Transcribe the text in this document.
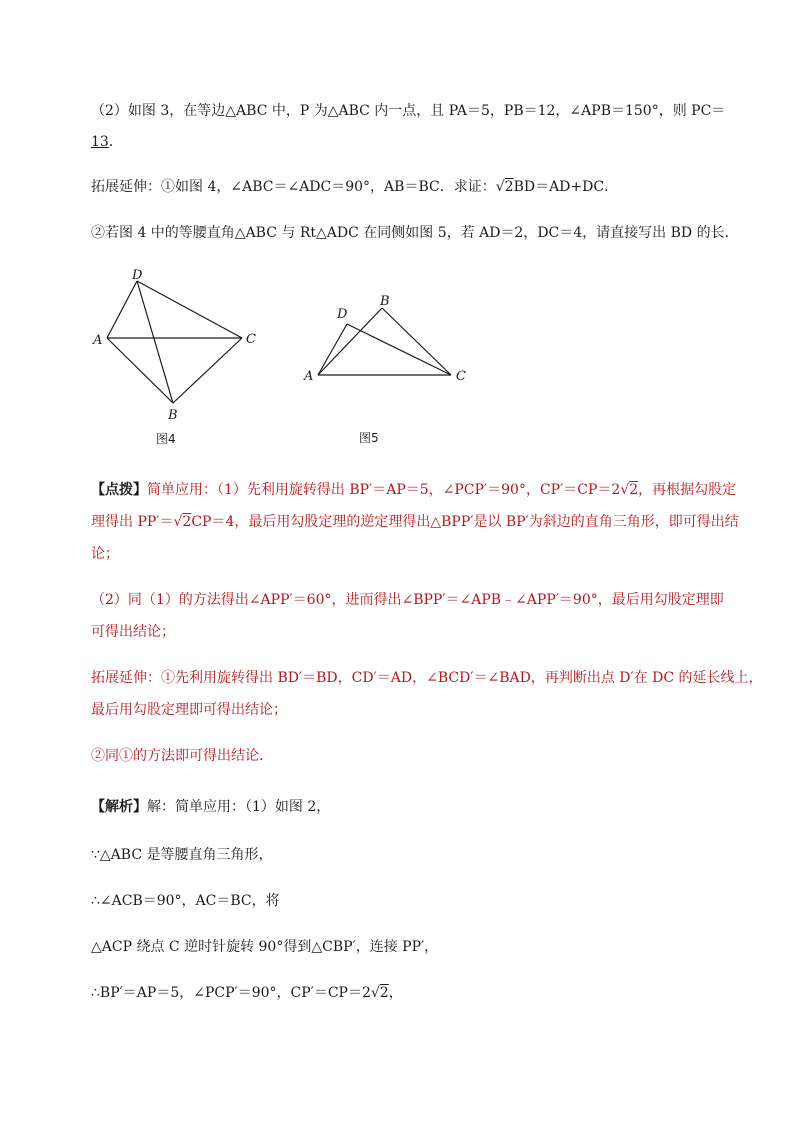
（2）如图 3，在等边△ABC 中，P 为△ABC 内一点，且 PA＝5，PB＝12，∠APB＝150°，则 PC＝
13．
拓展延伸：①如图 4，∠ABC＝∠ADC＝90°，AB＝BC．求证：√2BD＝AD+DC．
②若图 4 中的等腰直角△ABC 与 Rt△ADC 在同侧如图 5，若 AD＝2，DC＝4，请直接写出 BD 的长．
D
A	C
B
图4
B
D
A	C
图5
【点拨】简单应用：（1）先利用旋转得出 BP′＝AP＝5，∠PCP′＝90°，CP′＝CP＝2√2，再根据勾股定
理得出 PP′＝√2CP＝4，最后用勾股定理的逆定理得出△BPP′是以 BP′为斜边的直角三角形，即可得出结
论；
（2）同（1）的方法得出∠APP′＝60°，进而得出∠BPP′＝∠APB﹣∠APP′＝90°，最后用勾股定理即
可得出结论；
拓展延伸：①先利用旋转得出 BD′＝BD，CD′＝AD，∠BCD′＝∠BAD，再判断出点 D′在 DC 的延长线上，
最后用勾股定理即可得出结论；
②同①的方法即可得出结论．
【解析】解：简单应用：（1）如图 2，
∵△ABC 是等腰直角三角形，
∴∠ACB＝90°，AC＝BC，将
△ACP 绕点 C 逆时针旋转 90°得到△CBP′，连接 PP′，
∴BP′＝AP＝5，∠PCP′＝90°，CP′＝CP＝2√2，
